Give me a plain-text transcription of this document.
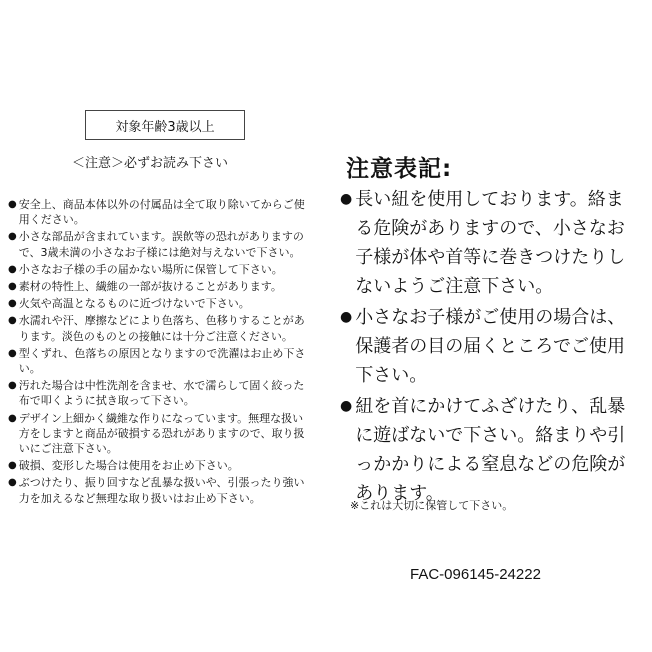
対象年齢3歳以上
＜注意＞必ずお読み下さい
● 安全上、商品本体以外の付属品は全て取り除いてからご使用ください。
● 小さな部品が含まれています。誤飲等の恐れがありますので、3歳未満の小さなお子様には絶対与えないで下さい。
● 小さなお子様の手の届かない場所に保管して下さい。
● 素材の特性上、繊維の一部が抜けることがあります。
● 火気や高温となるものに近づけないで下さい。
● 水濡れや汗、摩擦などにより色落ち、色移りすることがあります。淡色のものとの接触には十分ご注意ください。
● 型くずれ、色落ちの原因となりますので洗濯はお止め下さい。
● 汚れた場合は中性洗剤を含ませ、水で濡らして固く絞った布で叩くように拭き取って下さい。
● デザイン上細かく繊維な作りになっています。無理な扱い方をしますと商品が破損する恐れがありますので、取り扱いにご注意下さい。
● 破損、変形した場合は使用をお止め下さい。
● ぶつけたり、振り回すなど乱暴な扱いや、引張ったり強い力を加えるなど無理な取り扱いはお止め下さい。
注意表記:
● 長い紐を使用しております。絡まる危険がありますので、小さなお子様が体や首等に巻きつけたりしないようご注意下さい。
● 小さなお子様がご使用の場合は、保護者の目の届くところでご使用下さい。
● 紐を首にかけてふざけたり、乱暴に遊ばないで下さい。絡まりや引っかかりによる窒息などの危険があります。
※これは大切に保管して下さい。
FAC-096145-24222
